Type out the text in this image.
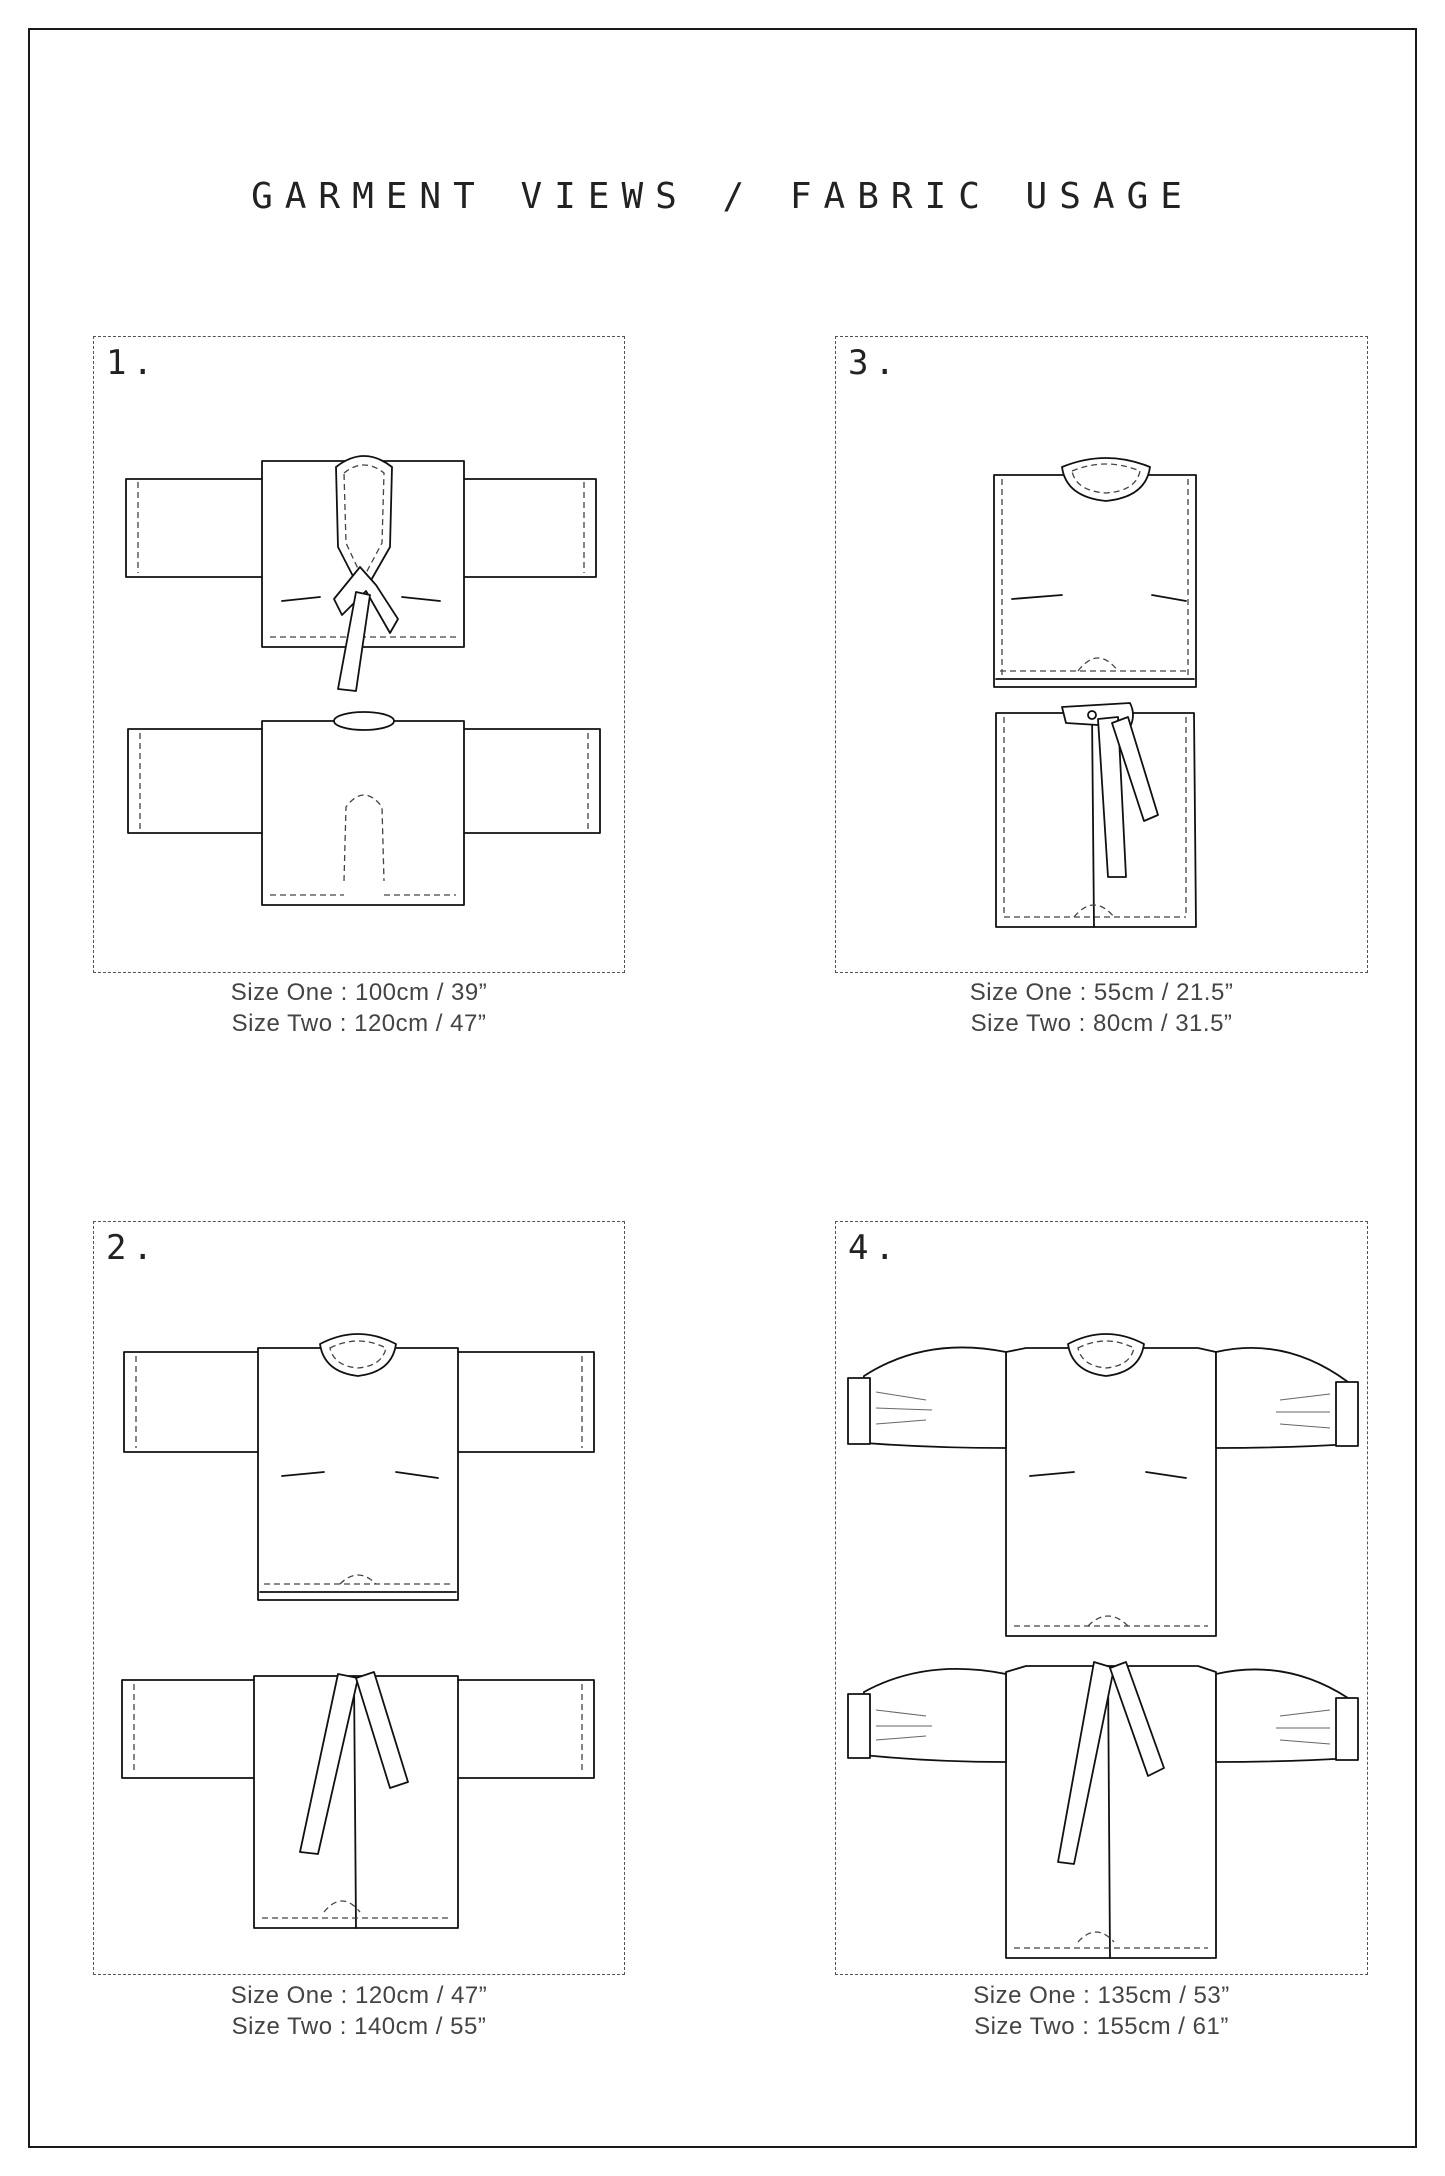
GARMENT VIEWS / FABRIC USAGE
1.
Size One : 100cm / 39”
Size Two : 120cm / 47”
3.
Size One : 55cm / 21.5”
Size Two : 80cm / 31.5”
2.
Size One : 120cm / 47”
Size Two : 140cm / 55”
4.
Size One : 135cm / 53”
Size Two : 155cm / 61”
